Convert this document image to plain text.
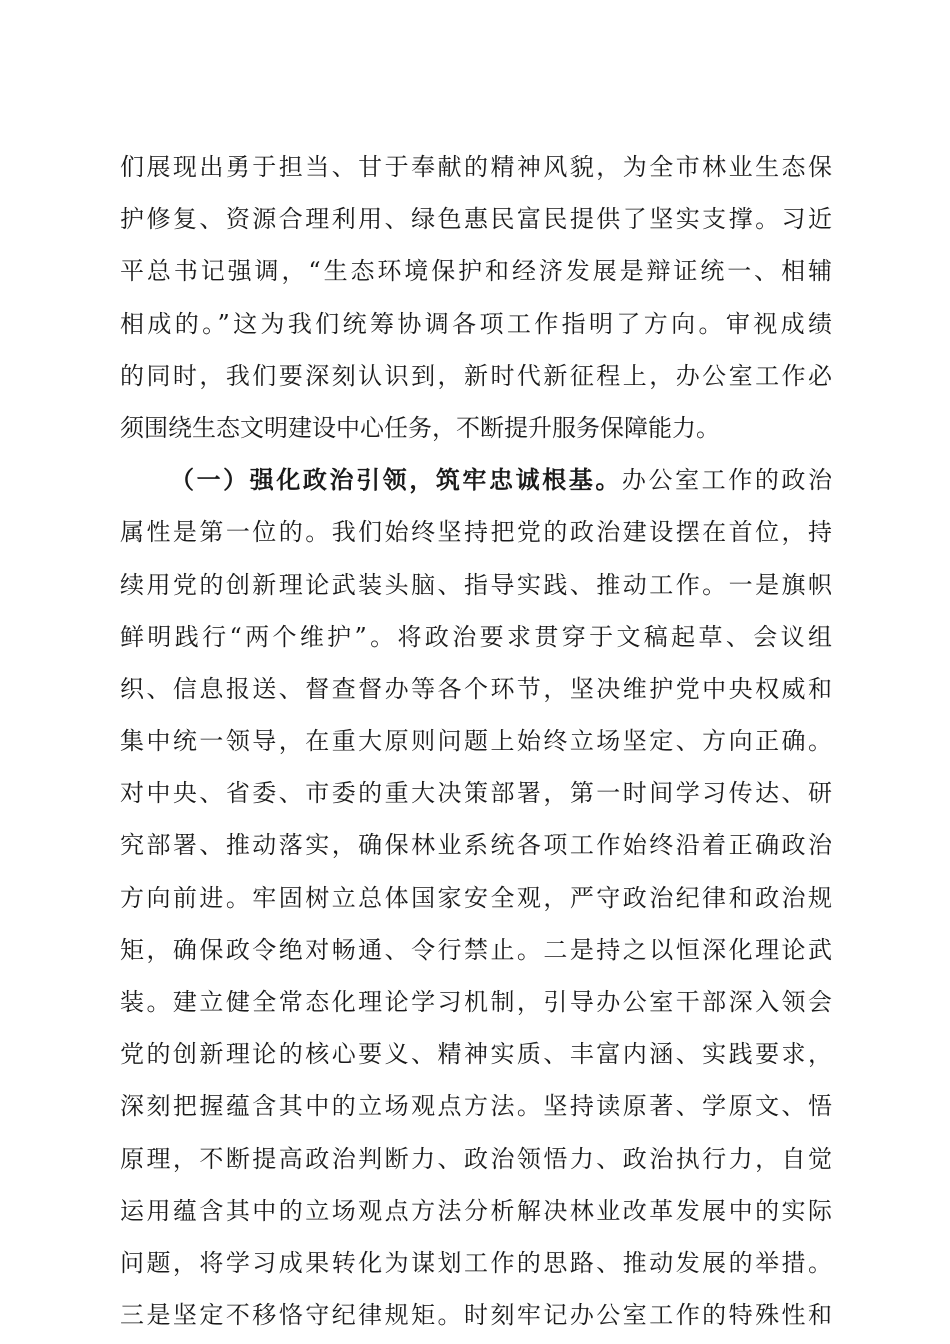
们展现出勇于担当、甘于奉献的精神风貌，为全市林业生态保
护修复、资源合理利用、绿色惠民富民提供了坚实支撑。习近
平总书记强调，“生态环境保护和经济发展是辩证统一、相辅
相成的。”这为我们统筹协调各项工作指明了方向。审视成绩
的同时，我们要深刻认识到，新时代新征程上，办公室工作必
须围绕生态文明建设中心任务，不断提升服务保障能力。
（一）强化政治引领，筑牢忠诚根基。办公室工作的政治
属性是第一位的。我们始终坚持把党的政治建设摆在首位，持
续用党的创新理论武装头脑、指导实践、推动工作。一是旗帜
鲜明践行“两个维护”。将政治要求贯穿于文稿起草、会议组
织、信息报送、督查督办等各个环节，坚决维护党中央权威和
集中统一领导，在重大原则问题上始终立场坚定、方向正确。
对中央、省委、市委的重大决策部署，第一时间学习传达、研
究部署、推动落实，确保林业系统各项工作始终沿着正确政治
方向前进。牢固树立总体国家安全观，严守政治纪律和政治规
矩，确保政令绝对畅通、令行禁止。二是持之以恒深化理论武
装。建立健全常态化理论学习机制，引导办公室干部深入领会
党的创新理论的核心要义、精神实质、丰富内涵、实践要求，
深刻把握蕴含其中的立场观点方法。坚持读原著、学原文、悟
原理，不断提高政治判断力、政治领悟力、政治执行力，自觉
运用蕴含其中的立场观点方法分析解决林业改革发展中的实际
问题，将学习成果转化为谋划工作的思路、推动发展的举措。
三是坚定不移恪守纪律规矩。时刻牢记办公室工作的特殊性和
